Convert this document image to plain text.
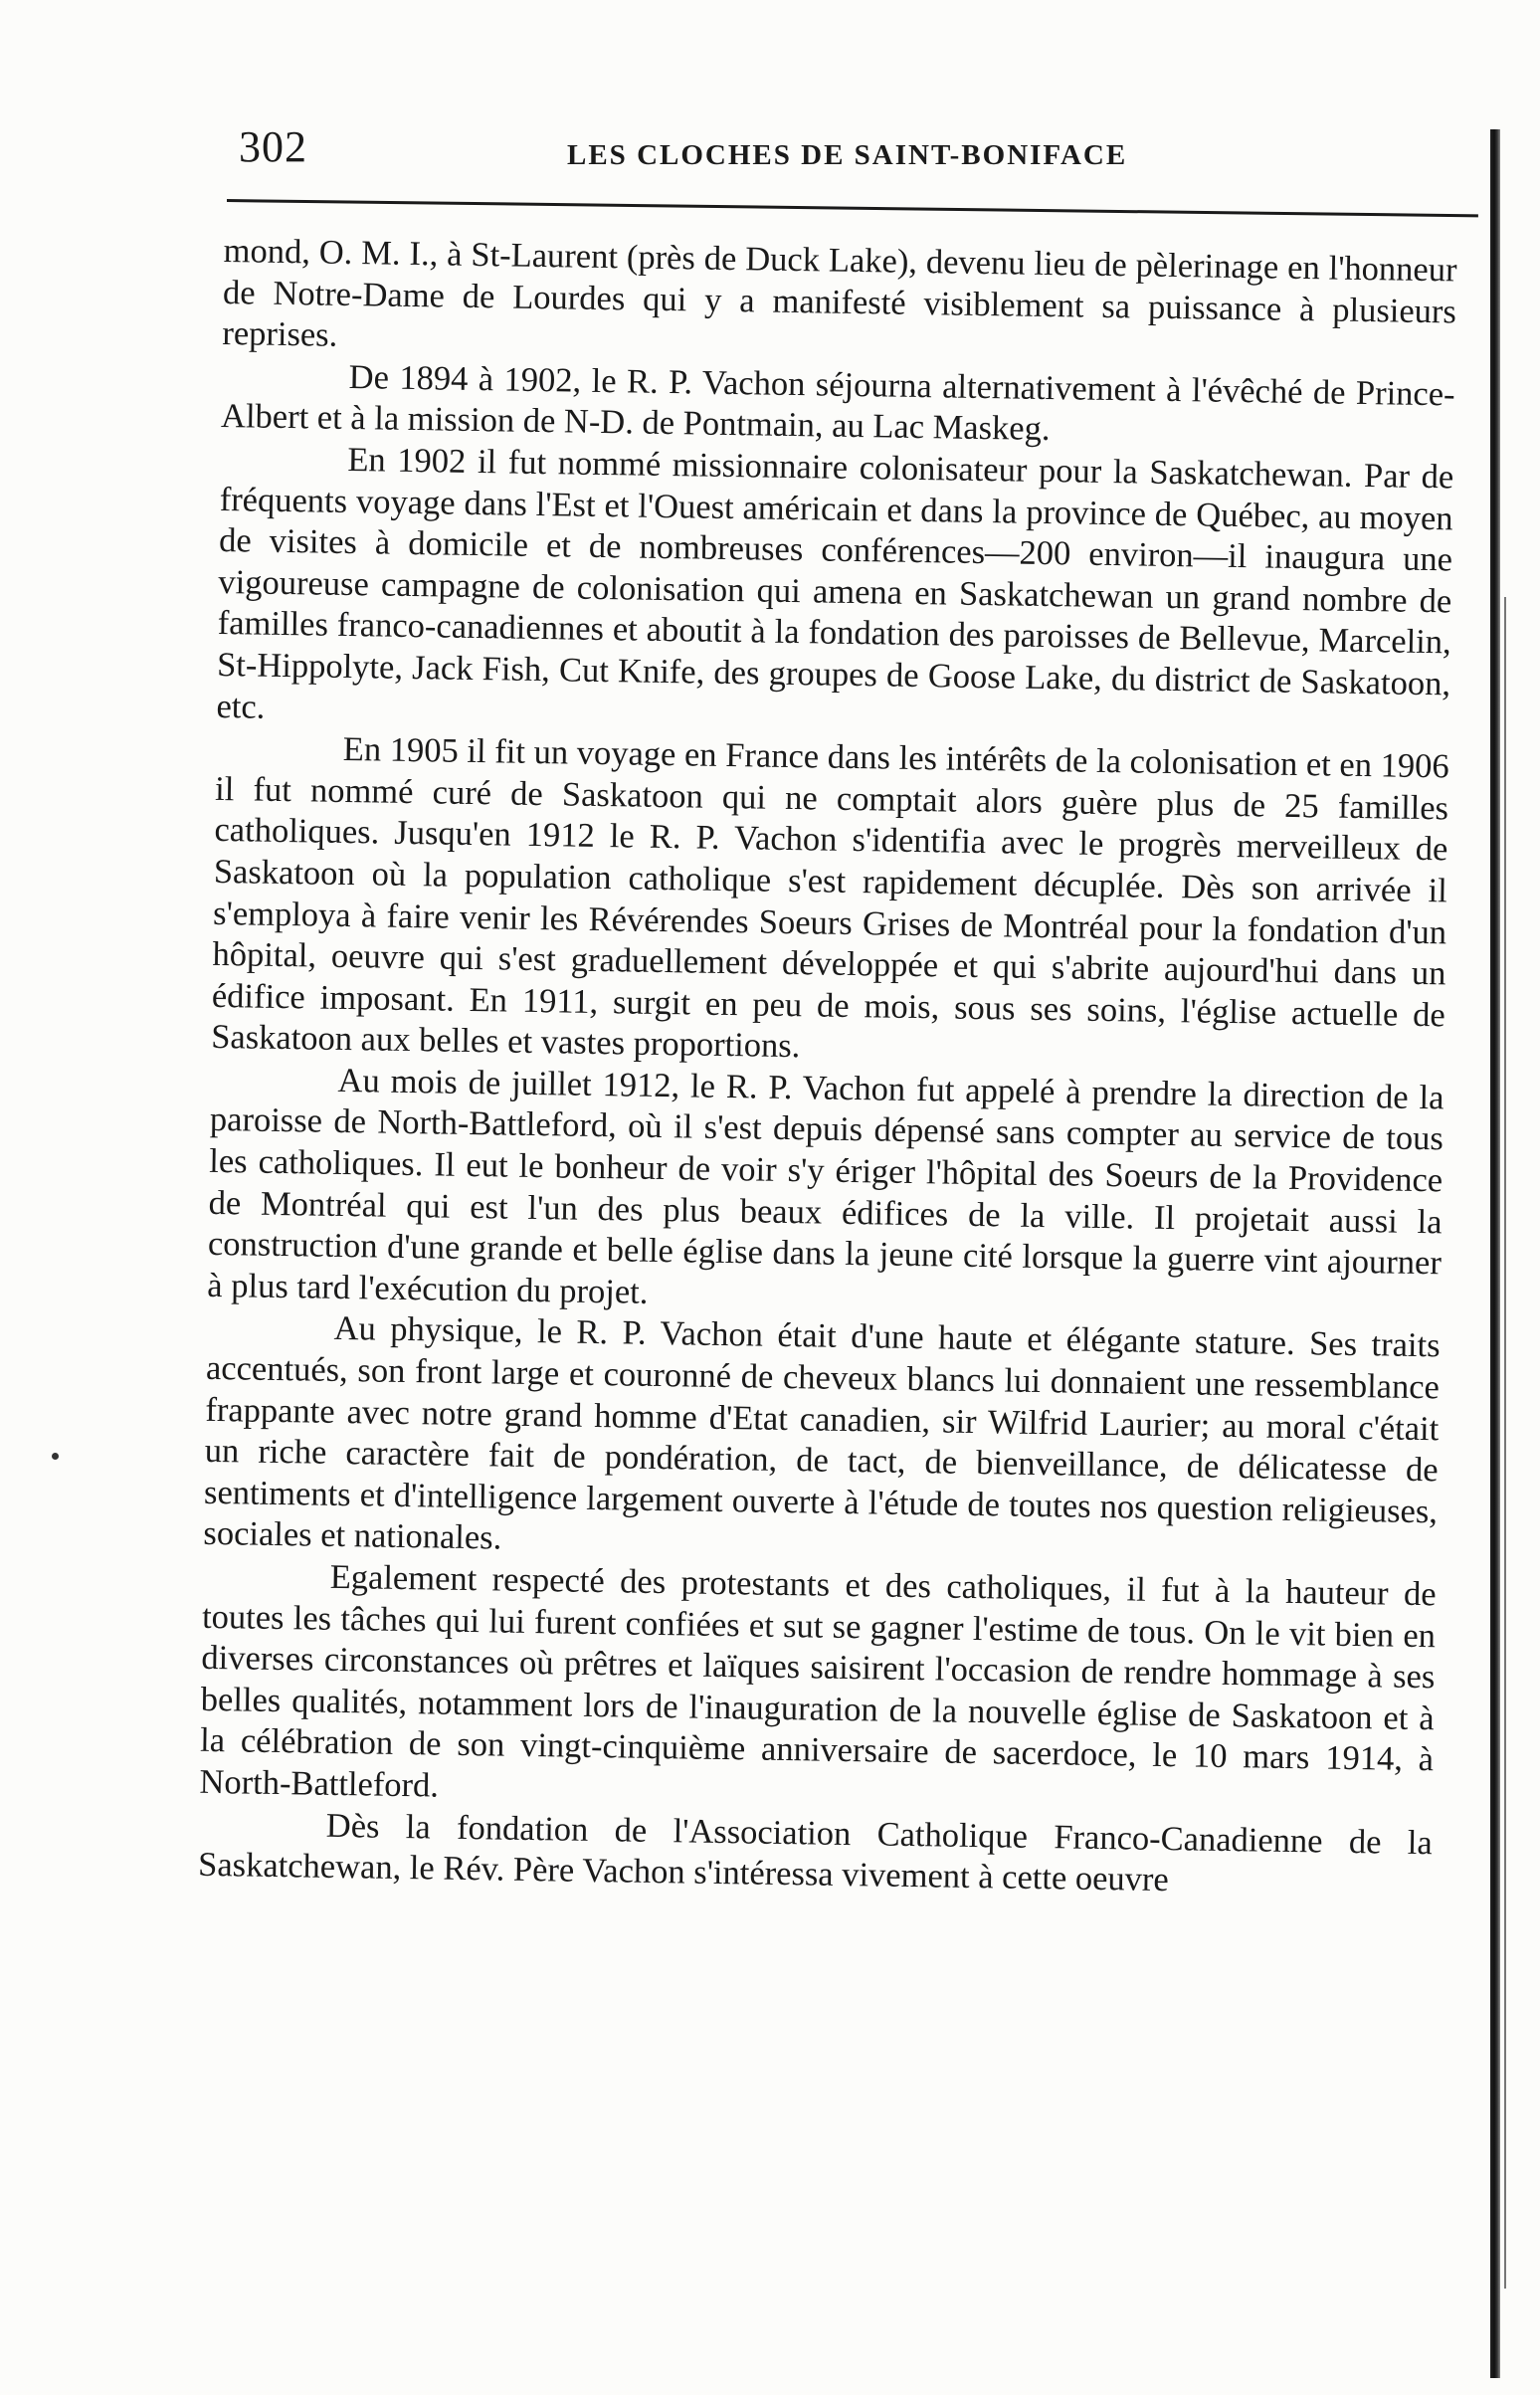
302	LES CLOCHES DE SAINT-BONIFACE

mond, O. M. I., à St-Laurent (près de Duck Lake), devenu lieu de pèlerinage en l'honneur de Notre-Dame de Lourdes qui y a manifesté visiblement sa puissance à plusieurs reprises.

De 1894 à 1902, le R. P. Vachon séjourna alternativement à l'évêché de Prince-Albert et à la mission de N-D. de Pontmain, au Lac Maskeg.

En 1902 il fut nommé missionnaire colonisateur pour la Saskatchewan. Par de fréquents voyage dans l'Est et l'Ouest américain et dans la province de Québec, au moyen de visites à domicile et de nombreuses conférences—200 environ—il inaugura une vigoureuse campagne de colonisation qui amena en Saskatchewan un grand nombre de familles franco-canadiennes et aboutit à la fondation des paroisses de Bellevue, Marcelin, St-Hippolyte, Jack Fish, Cut Knife, des groupes de Goose Lake, du district de Saskatoon, etc.

En 1905 il fit un voyage en France dans les intérêts de la colonisation et en 1906 il fut nommé curé de Saskatoon qui ne comptait alors guère plus de 25 familles catholiques. Jusqu'en 1912 le R. P. Vachon s'identifia avec le progrès merveilleux de Saskatoon où la population catholique s'est rapidement décuplée. Dès son arrivée il s'employa à faire venir les Révérendes Soeurs Grises de Montréal pour la fondation d'un hôpital, oeuvre qui s'est graduellement développée et qui s'abrite aujourd'hui dans un édifice imposant. En 1911, surgit en peu de mois, sous ses soins, l'église actuelle de Saskatoon aux belles et vastes proportions.

Au mois de juillet 1912, le R. P. Vachon fut appelé à prendre la direction de la paroisse de North-Battleford, où il s'est depuis dépensé sans compter au service de tous les catholiques. Il eut le bonheur de voir s'y ériger l'hôpital des Soeurs de la Providence de Montréal qui est l'un des plus beaux édifices de la ville. Il projetait aussi la construction d'une grande et belle église dans la jeune cité lorsque la guerre vint ajourner à plus tard l'exécution du projet.

Au physique, le R. P. Vachon était d'une haute et élégante stature. Ses traits accentués, son front large et couronné de cheveux blancs lui donnaient une ressemblance frappante avec notre grand homme d'Etat canadien, sir Wilfrid Laurier; au moral c'était un riche caractère fait de pondération, de tact, de bienveillance, de délicatesse de sentiments et d'intelligence largement ouverte à l'étude de toutes nos question religieuses, sociales et nationales.

Egalement respecté des protestants et des catholiques, il fut à la hauteur de toutes les tâches qui lui furent confiées et sut se gagner l'estime de tous. On le vit bien en diverses circonstances où prêtres et laïques saisirent l'occasion de rendre hommage à ses belles qualités, notamment lors de l'inauguration de la nouvelle église de Saskatoon et à la célébration de son vingt-cinquième anniversaire de sacerdoce, le 10 mars 1914, à North-Battleford.

Dès la fondation de l'Association Catholique Franco-Canadienne de la Saskatchewan, le Rév. Père Vachon s'intéressa vivement à cette oeuvre
